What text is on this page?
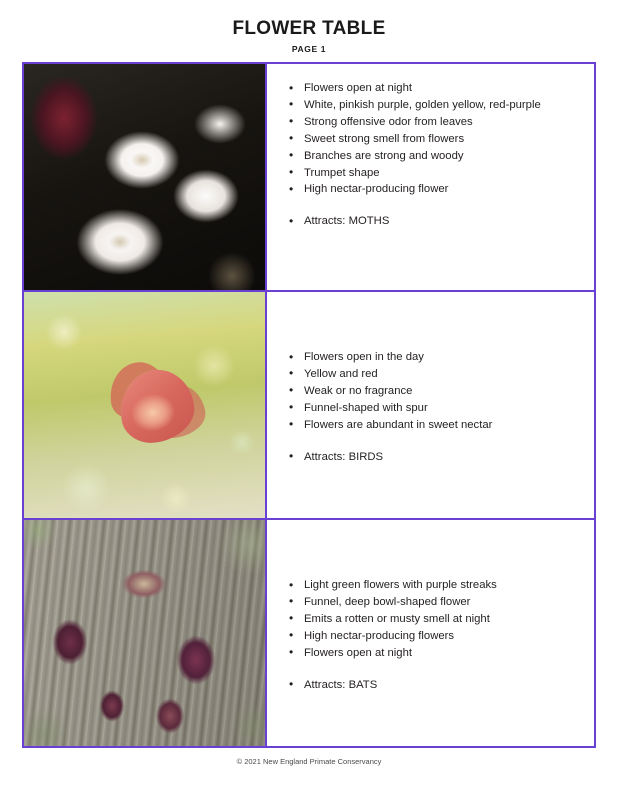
FLOWER TABLE
PAGE 1
• Flowers open at night
• White, pinkish purple, golden yellow, red-purple
• Strong offensive odor from leaves
• Sweet strong smell from flowers
• Branches are strong and woody
• Trumpet shape
• High nectar-producing flower
• Attracts: MOTHS
• Flowers open in the day
• Yellow and red
• Weak or no fragrance
• Funnel-shaped with spur
• Flowers are abundant in sweet nectar
• Attracts: BIRDS
• Light green flowers with purple streaks
• Funnel, deep bowl-shaped flower
• Emits a rotten or musty smell at night
• High nectar-producing flowers
• Flowers open at night
• Attracts: BATS
© 2021 New England Primate Conservancy
